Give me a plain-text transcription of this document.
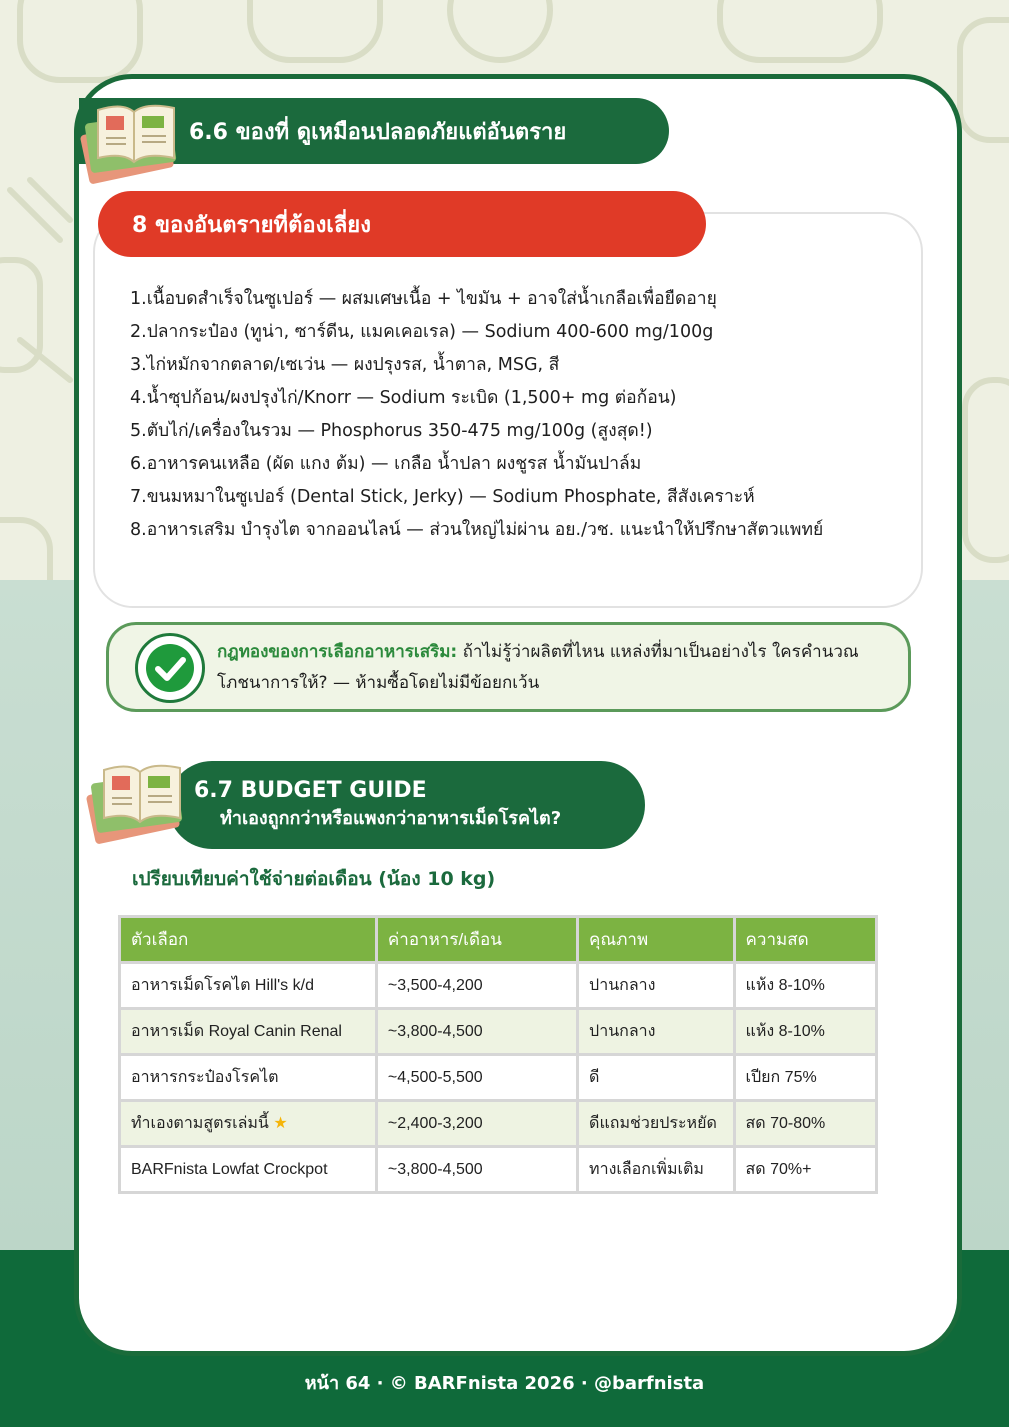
6.6 ของที่ ดูเหมือนปลอดภัยแต่อันตราย
8 ของอันตรายที่ต้องเลี่ยง
1.เนื้อบดสำเร็จในซูเปอร์ — ผสมเศษเนื้อ + ไขมัน + อาจใส่น้ำเกลือเพื่อยืดอายุ
2.ปลากระป๋อง (ทูน่า, ซาร์ดีน, แมคเคอเรล) — Sodium 400-600 mg/100g
3.ไก่หมักจากตลาด/เซเว่น — ผงปรุงรส, น้ำตาล, MSG, สี
4.น้ำซุปก้อน/ผงปรุงไก่/Knorr — Sodium ระเบิด (1,500+ mg ต่อก้อน)
5.ตับไก่/เครื่องในรวม — Phosphorus 350-475 mg/100g (สูงสุด!)
6.อาหารคนเหลือ (ผัด แกง ต้ม) — เกลือ น้ำปลา ผงชูรส น้ำมันปาล์ม
7.ขนมหมาในซูเปอร์ (Dental Stick, Jerky) — Sodium Phosphate, สีสังเคราะห์
8.อาหารเสริม บำรุงไต จากออนไลน์ — ส่วนใหญ่ไม่ผ่าน อย./วช. แนะนำให้ปรึกษาสัตวแพทย์
กฎทองของการเลือกอาหารเสริม: ถ้าไม่รู้ว่าผลิตที่ไหน แหล่งที่มาเป็นอย่างไร ใครคำนวณโภชนาการให้? — ห้ามซื้อโดยไม่มีข้อยกเว้น
6.7 BUDGET GUIDE
ทำเองถูกกว่าหรือแพงกว่าอาหารเม็ดโรคไต?
เปรียบเทียบค่าใช้จ่ายต่อเดือน (น้อง 10 kg)
ตัวเลือก	ค่าอาหาร/เดือน	คุณภาพ	ความสด
อาหารเม็ดโรคไต Hill's k/d	~3,500-4,200	ปานกลาง	แห้ง 8-10%
อาหารเม็ด Royal Canin Renal	~3,800-4,500	ปานกลาง	แห้ง 8-10%
อาหารกระป๋องโรคไต	~4,500-5,500	ดี	เปียก 75%
ทำเองตามสูตรเล่มนี้ ★	~2,400-3,200	ดีแถมช่วยประหยัด	สด 70-80%
BARFnista Lowfat Crockpot	~3,800-4,500	ทางเลือกเพิ่มเติม	สด 70%+
หน้า 64 · © BARFnista 2026 · @barfnista
